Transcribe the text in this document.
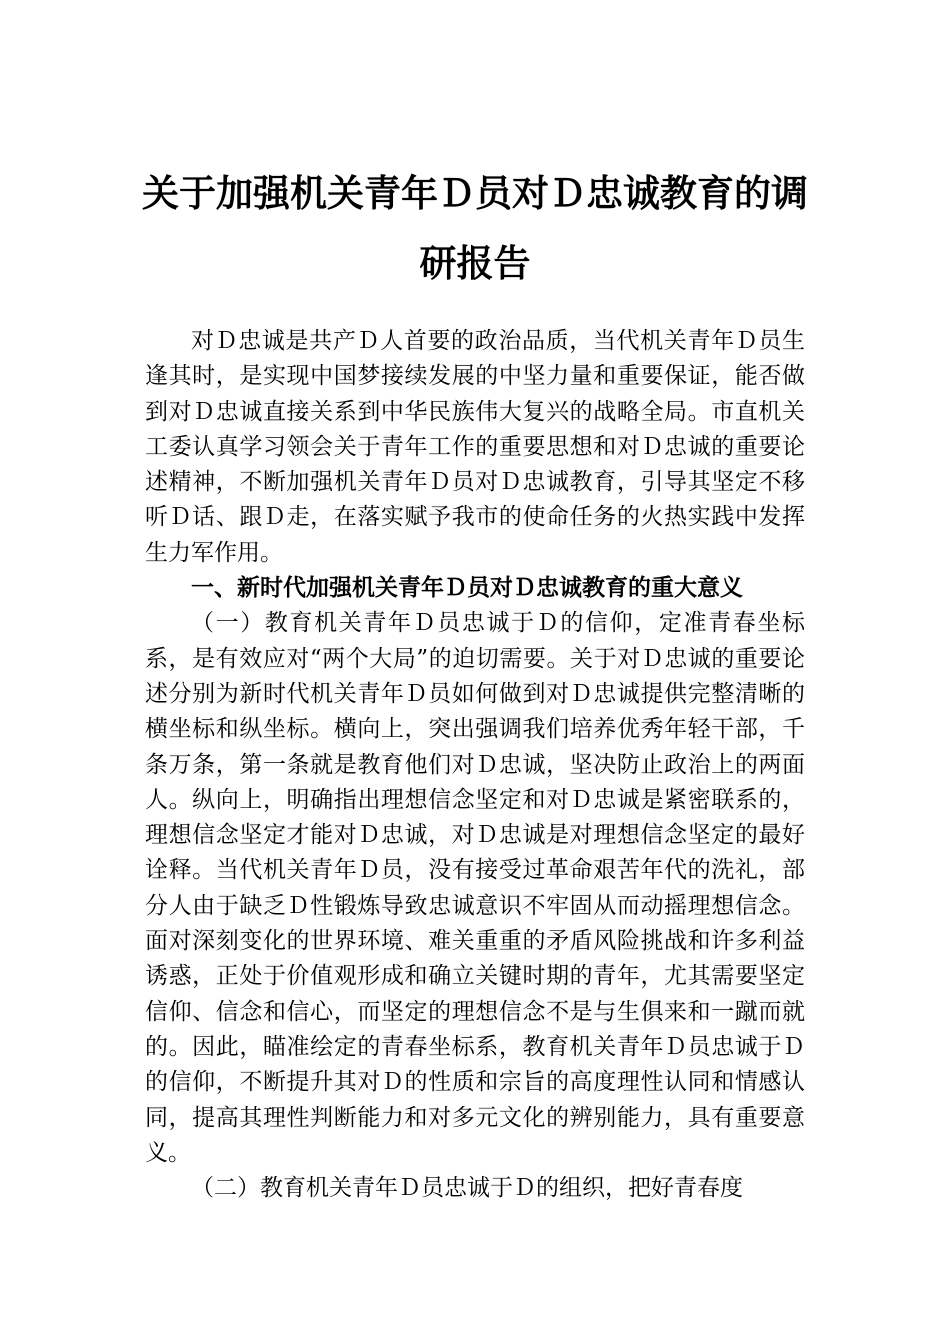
关于加强机关青年Ｄ员对Ｄ忠诚教育的调研报告

对Ｄ忠诚是共产Ｄ人首要的政治品质，当代机关青年Ｄ员生逢其时，是实现中国梦接续发展的中坚力量和重要保证，能否做到对Ｄ忠诚直接关系到中华民族伟大复兴的战略全局。市直机关工委认真学习领会关于青年工作的重要思想和对Ｄ忠诚的重要论述精神，不断加强机关青年Ｄ员对Ｄ忠诚教育，引导其坚定不移听Ｄ话、跟Ｄ走，在落实赋予我市的使命任务的火热实践中发挥生力军作用。

一、新时代加强机关青年Ｄ员对Ｄ忠诚教育的重大意义

（一）教育机关青年Ｄ员忠诚于Ｄ的信仰，定准青春坐标系，是有效应对“两个大局”的迫切需要。关于对Ｄ忠诚的重要论述分别为新时代机关青年Ｄ员如何做到对Ｄ忠诚提供完整清晰的横坐标和纵坐标。横向上，突出强调我们培养优秀年轻干部，千条万条，第一条就是教育他们对Ｄ忠诚，坚决防止政治上的两面人。纵向上，明确指出理想信念坚定和对Ｄ忠诚是紧密联系的，理想信念坚定才能对Ｄ忠诚，对Ｄ忠诚是对理想信念坚定的最好诠释。当代机关青年Ｄ员，没有接受过革命艰苦年代的洗礼，部分人由于缺乏Ｄ性锻炼导致忠诚意识不牢固从而动摇理想信念。面对深刻变化的世界环境、难关重重的矛盾风险挑战和许多利益诱惑，正处于价值观形成和确立关键时期的青年，尤其需要坚定信仰、信念和信心，而坚定的理想信念不是与生俱来和一蹴而就的。因此，瞄准绘定的青春坐标系，教育机关青年Ｄ员忠诚于Ｄ的信仰，不断提升其对Ｄ的性质和宗旨的高度理性认同和情感认同，提高其理性判断能力和对多元文化的辨别能力，具有重要意义。

（二）教育机关青年Ｄ员忠诚于Ｄ的组织，把好青春度
